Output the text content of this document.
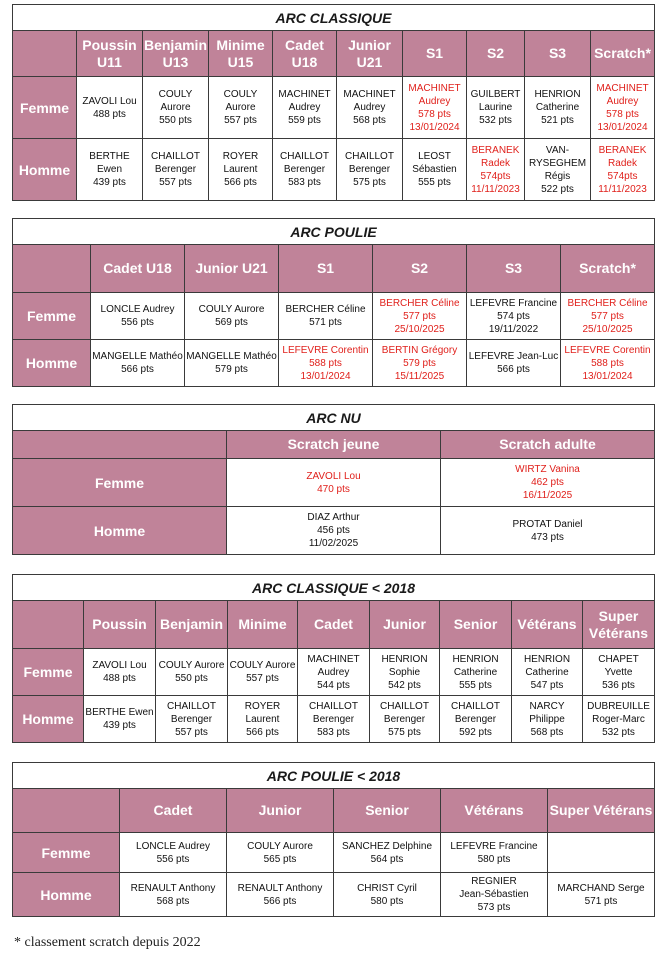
ARC CLASSIQUE									
	Poussin U11	Benjamin U13	Minime U15	Cadet U18	Junior U21	S1	S2	S3	Scratch*
Femme	ZAVOLI Lou
488 pts	COULY Aurore
550 pts	COULY
Aurore
557 pts	MACHINET
Audrey
559 pts	MACHINET
Audrey
568 pts	MACHINET
Audrey
578 pts
13/01/2024	GUILBERT
Laurine
532 pts	HENRION
Catherine
521 pts	MACHINET
Audrey
578 pts
13/01/2024

Homme	BERTHE
Ewen
439 pts	CHAILLOT
Berenger
557 pts	ROYER
Laurent
566 pts	CHAILLOT
Berenger
583 pts	CHAILLOT
Berenger
575 pts	LEOST
Sébastien
555 pts	BERANEK
Radek
574pts
11/11/2023	VAN-
RYSEGHEM
Régis
522 pts	BERANEK
Radek
574pts
11/11/2023
ARC POULIE						
	Cadet U18	Junior U21	S1	S2	S3	Scratch*
Femme	LONCLE Audrey
556 pts	COULY Aurore
569 pts	BERCHER Céline
571 pts	BERCHER Céline
577 pts
25/10/2025	LEFEVRE Francine
574 pts
19/11/2022	BERCHER Céline
577 pts
25/10/2025

Homme	MANGELLE Mathéo
566 pts	MANGELLE Mathéo
579 pts	LEFEVRE Corentin
588 pts
13/01/2024	BERTIN Grégory
579 pts
15/11/2025	LEFEVRE Jean-Luc
566 pts	LEFEVRE Corentin
588 pts
13/01/2024
ARC NU		
	Scratch jeune	Scratch adulte
Femme	ZAVOLI Lou
470 pts	WIRTZ Vanina
462 pts
16/11/2025

Homme	DIAZ Arthur
456 pts
11/02/2025	PROTAT Daniel
473 pts
ARC CLASSIQUE < 2018								
	Poussin	Benjamin	Minime	Cadet	Junior	Senior	Vétérans	Super Vétérans
Femme	ZAVOLI Lou
488 pts	COULY Aurore
550 pts	COULY Aurore
557 pts	MACHINET
Audrey
544 pts	HENRION
Sophie
542 pts	HENRION
Catherine
555 pts	HENRION
Catherine
547 pts	CHAPET
Yvette
536 pts

Homme	BERTHE Ewen
439 pts	CHAILLOT
Berenger
557 pts	ROYER
Laurent
566 pts	CHAILLOT
Berenger
583 pts	CHAILLOT
Berenger
575 pts	CHAILLOT
Berenger
592 pts	NARCY
Philippe
568 pts	DUBREUILLE
Roger-Marc
532 pts
ARC POULIE < 2018					
	Cadet	Junior	Senior	Vétérans	Super Vétérans
Femme	LONCLE Audrey
556 pts	COULY Aurore
565 pts	SANCHEZ Delphine
564 pts	LEFEVRE Francine
580 pts	

Homme	RENAULT Anthony
568 pts	RENAULT Anthony
566 pts	CHRIST Cyril
580 pts	REGNIER
Jean-Sébastien
573 pts	MARCHAND Serge
571 pts
* classement scratch depuis 2022
